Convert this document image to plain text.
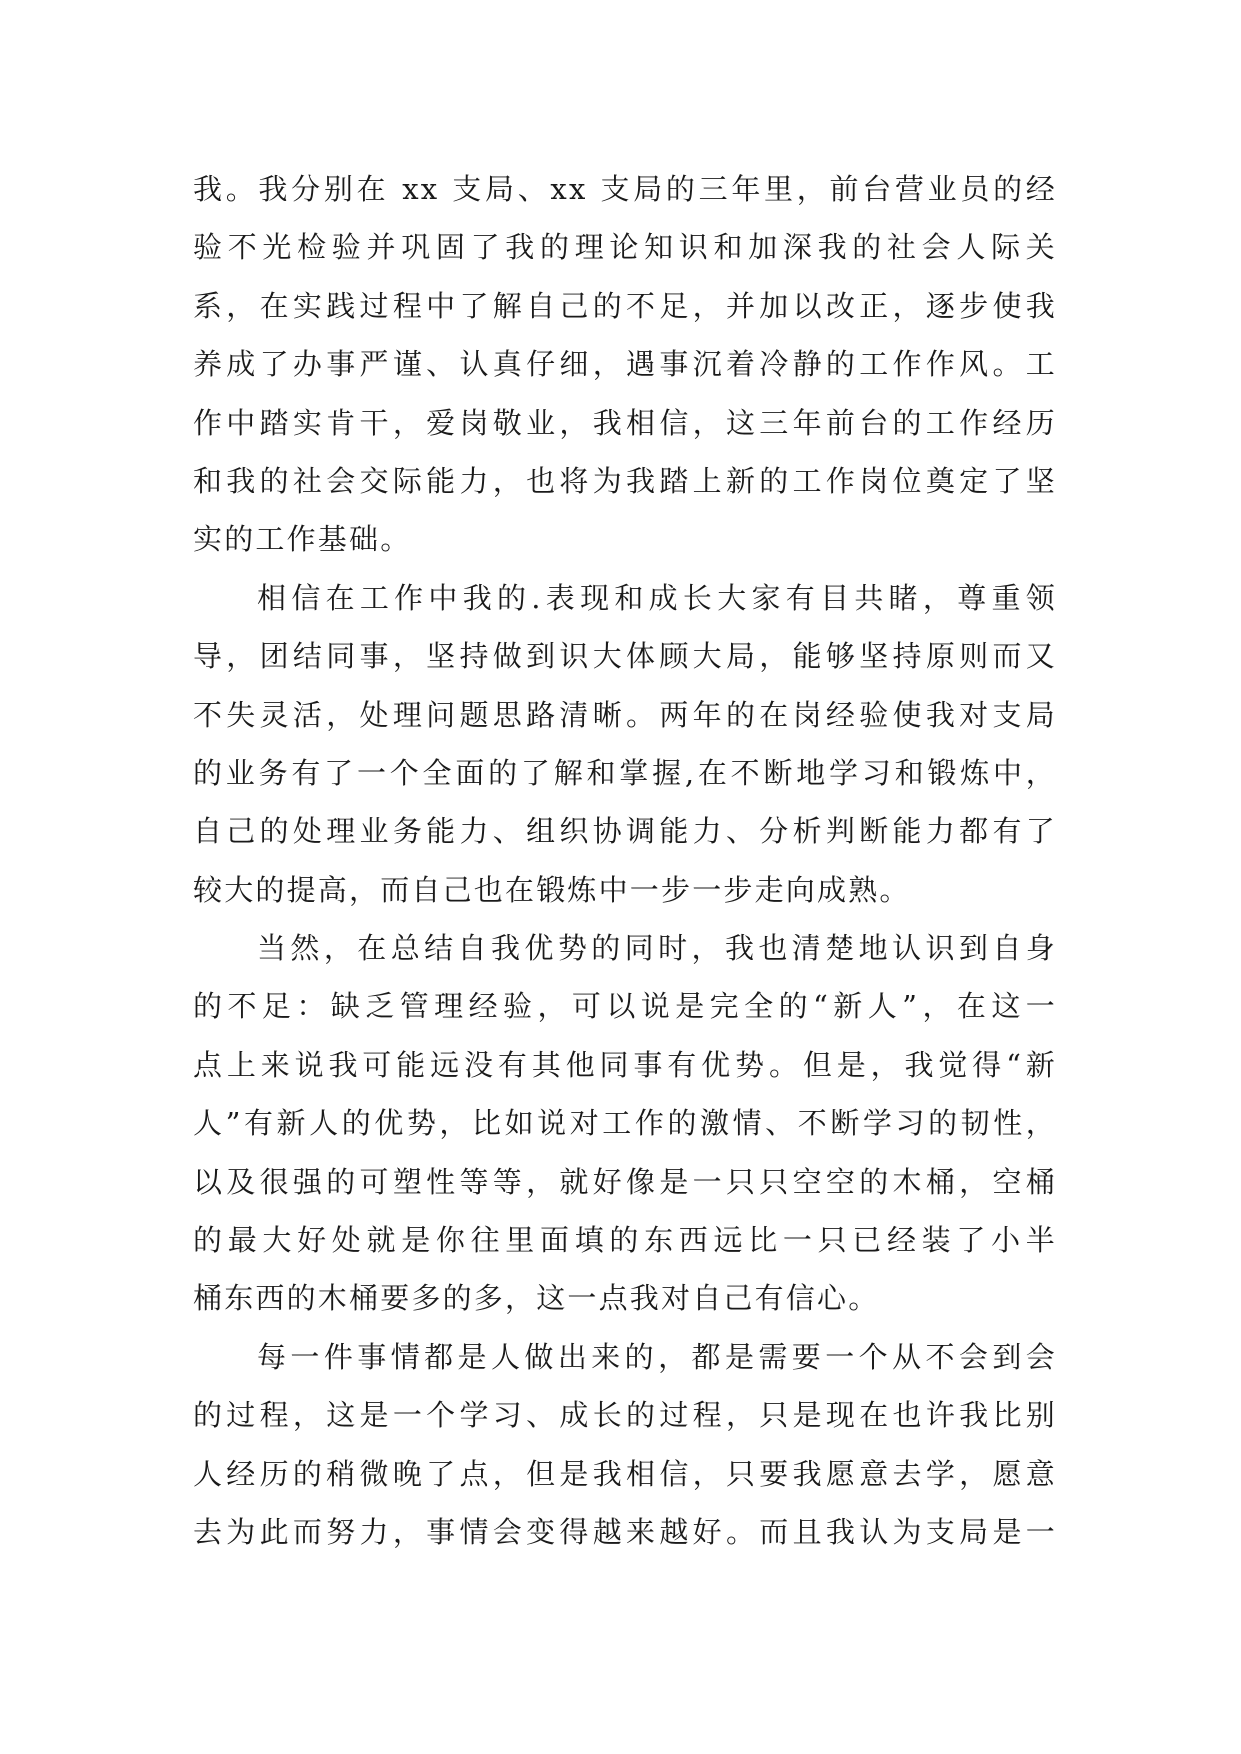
我。我分别在 xx 支局、xx 支局的三年里，前台营业员的经
验不光检验并巩固了我的理论知识和加深我的社会人际关
系，在实践过程中了解自己的不足，并加以改正，逐步使我
养成了办事严谨、认真仔细，遇事沉着冷静的工作作风。工
作中踏实肯干，爱岗敬业，我相信，这三年前台的工作经历
和我的社会交际能力，也将为我踏上新的工作岗位奠定了坚
实的工作基础。
相信在工作中我的.表现和成长大家有目共睹，尊重领
导，团结同事，坚持做到识大体顾大局，能够坚持原则而又
不失灵活，处理问题思路清晰。两年的在岗经验使我对支局
的业务有了一个全面的了解和掌握,在不断地学习和锻炼中，
自己的处理业务能力、组织协调能力、分析判断能力都有了
较大的提高，而自己也在锻炼中一步一步走向成熟。
当然，在总结自我优势的同时，我也清楚地认识到自身
的不足：缺乏管理经验，可以说是完全的“新人”，在这一
点上来说我可能远没有其他同事有优势。但是，我觉得“新
人”有新人的优势，比如说对工作的激情、不断学习的韧性，
以及很强的可塑性等等，就好像是一只只空空的木桶，空桶
的最大好处就是你往里面填的东西远比一只已经装了小半
桶东西的木桶要多的多，这一点我对自己有信心。
每一件事情都是人做出来的，都是需要一个从不会到会
的过程，这是一个学习、成长的过程，只是现在也许我比别
人经历的稍微晚了点，但是我相信，只要我愿意去学，愿意
去为此而努力，事情会变得越来越好。而且我认为支局是一
